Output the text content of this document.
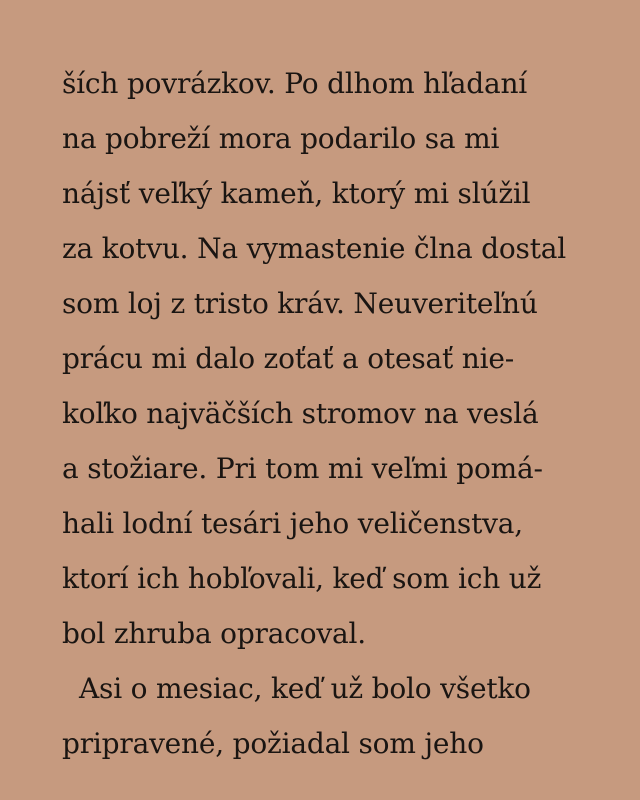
ších povrázkov. Po dlhom hľadaní
na pobreží mora podarilo sa mi
nájsť veľký kameň, ktorý mi slúžil
za kotvu. Na vymastenie člna dostal
som loj z tristo kráv. Neuveriteľnú
prácu mi dalo zoťať a otesať nie-
koľko najväčších stromov na veslá
a stožiare. Pri tom mi veľmi pomá-
hali lodní tesári jeho veličenstva,
ktorí ich hobľovali, keď som ich už
bol zhruba opracoval.
Asi o mesiac, keď už bolo všetko
pripravené, požiadal som jeho
